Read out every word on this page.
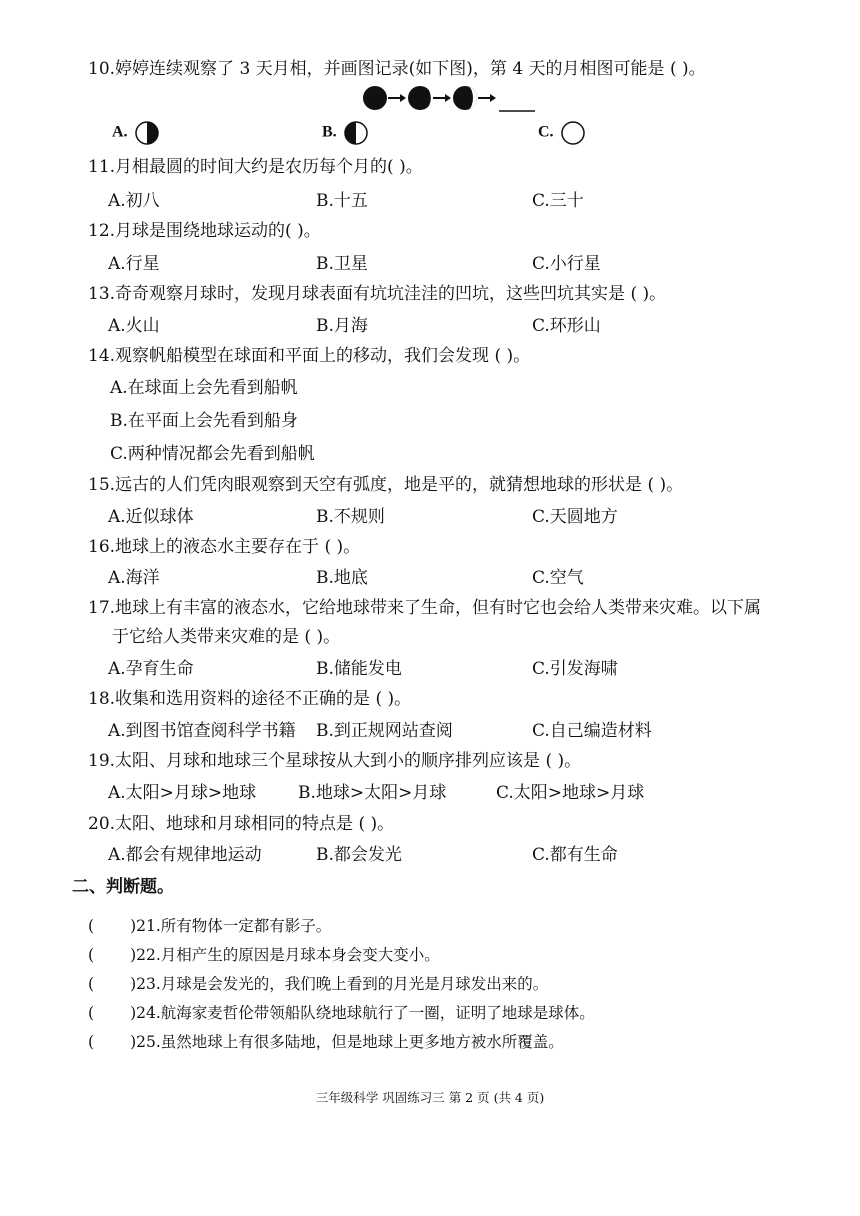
10.婷婷连续观察了 3 天月相，并画图记录(如下图)，第 4 天的月相图可能是 ( )。
A.	B.	C.
11.月相最圆的时间大约是农历每个月的( )。
A.初八	B.十五	C.三十
12.月球是围绕地球运动的( )。
A.行星	B.卫星	C.小行星
13.奇奇观察月球时，发现月球表面有坑坑洼洼的凹坑，这些凹坑其实是 ( )。
A.火山	B.月海	C.环形山
14.观察帆船模型在球面和平面上的移动，我们会发现 ( )。
A.在球面上会先看到船帆
B.在平面上会先看到船身
C.两种情况都会先看到船帆
15.远古的人们凭肉眼观察到天空有弧度，地是平的，就猜想地球的形状是 ( )。
A.近似球体	B.不规则	C.天圆地方
16.地球上的液态水主要存在于 ( )。
A.海洋	B.地底	C.空气
17.地球上有丰富的液态水，它给地球带来了生命，但有时它也会给人类带来灾难。以下属
于它给人类带来灾难的是 ( )。
A.孕育生命	B.储能发电	C.引发海啸
18.收集和选用资料的途径不正确的是 ( )。
A.到图书馆查阅科学书籍 B.到正规网站查阅	C.自己编造材料
19.太阳、月球和地球三个星球按从大到小的顺序排列应该是 ( )。
A.太阳>月球>地球 B.地球>太阳>月球	C.太阳>地球>月球
20.太阳、地球和月球相同的特点是 ( )。
A.都会有规律地运动	B.都会发光	C.都有生命
二、判断题。
( )21.所有物体一定都有影子。
( )22.月相产生的原因是月球本身会变大变小。
( )23.月球是会发光的，我们晚上看到的月光是月球发出来的。
( )24.航海家麦哲伦带领船队绕地球航行了一圈，证明了地球是球体。
( )25.虽然地球上有很多陆地，但是地球上更多地方被水所覆盖。
三年级科学 巩固练习三 第 2 页 (共 4 页)
